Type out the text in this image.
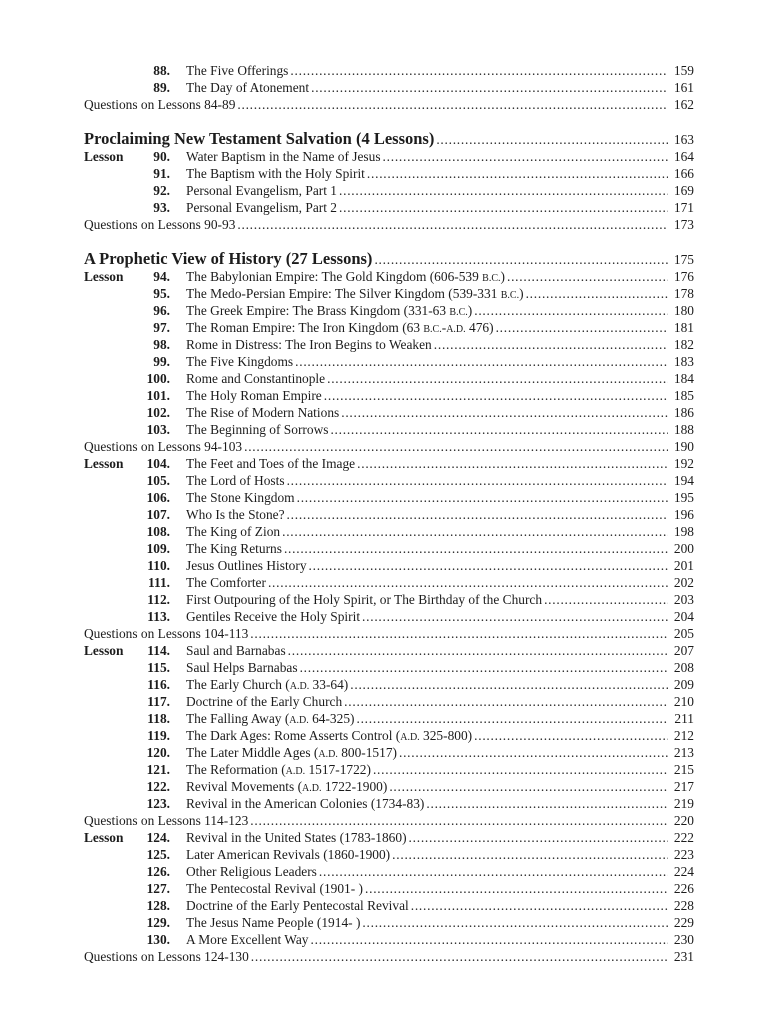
88. The Five Offerings . . .	159
89. The Day of Atonement . . .	161
Questions on Lessons 84-89 . . .	162
Proclaiming New Testament Salvation (4 Lessons) . . .	163
Lesson	90. Water Baptism in the Name of Jesus . . .	164
91. The Baptism with the Holy Spirit . . .	166
92. Personal Evangelism, Part 1 . . .	169
93. Personal Evangelism, Part 2 . . .	171
Questions on Lessons 90-93 . . .	173
A Prophetic View of History (27 Lessons) . . .	175
Lesson	94. The Babylonian Empire: The Gold Kingdom (606-539 B.C.) . . .	176
95. The Medo-Persian Empire: The Silver Kingdom (539-331 B.C.) . . .	178
96. The Greek Empire: The Brass Kingdom (331-63 B.C.) . . .	180
97. The Roman Empire: The Iron Kingdom (63 B.C.-A.D. 476) . . .	181
98. Rome in Distress: The Iron Begins to Weaken . . .	182
99. The Five Kingdoms . . .	183
100. Rome and Constantinople . . .	184
101. The Holy Roman Empire . . .	185
102. The Rise of Modern Nations . . .	186
103. The Beginning of Sorrows . . .	188
Questions on Lessons 94-103 . . .	190
Lesson	104. The Feet and Toes of the Image . . .	192
105. The Lord of Hosts . . .	194
106. The Stone Kingdom . . .	195
107. Who Is the Stone? . . .	196
108. The King of Zion . . .	198
109. The King Returns . . .	200
110. Jesus Outlines History . . .	201
111. The Comforter . . .	202
112. First Outpouring of the Holy Spirit, or The Birthday of the Church . . .	203
113. Gentiles Receive the Holy Spirit . . .	204
Questions on Lessons 104-113 . . .	205
Lesson	114. Saul and Barnabas . . .	207
115. Saul Helps Barnabas . . .	208
116. The Early Church (A.D. 33-64) . . .	209
117. Doctrine of the Early Church . . .	210
118. The Falling Away (A.D. 64-325) . . .	211
119. The Dark Ages: Rome Asserts Control (A.D. 325-800) . . .	212
120. The Later Middle Ages (A.D. 800-1517) . . .	213
121. The Reformation (A.D. 1517-1722) . . .	215
122. Revival Movements (A.D. 1722-1900) . . .	217
123. Revival in the American Colonies (1734-83) . . .	219
Questions on Lessons 114-123 . . .	220
Lesson	124. Revival in the United States (1783-1860) . . .	222
125. Later American Revivals (1860-1900) . . .	223
126. Other Religious Leaders . . .	224
127. The Pentecostal Revival (1901- ) . . .	226
128. Doctrine of the Early Pentecostal Revival . . .	228
129. The Jesus Name People (1914- ) . . .	229
130. A More Excellent Way . . .	230
Questions on Lessons 124-130 . . .	231
